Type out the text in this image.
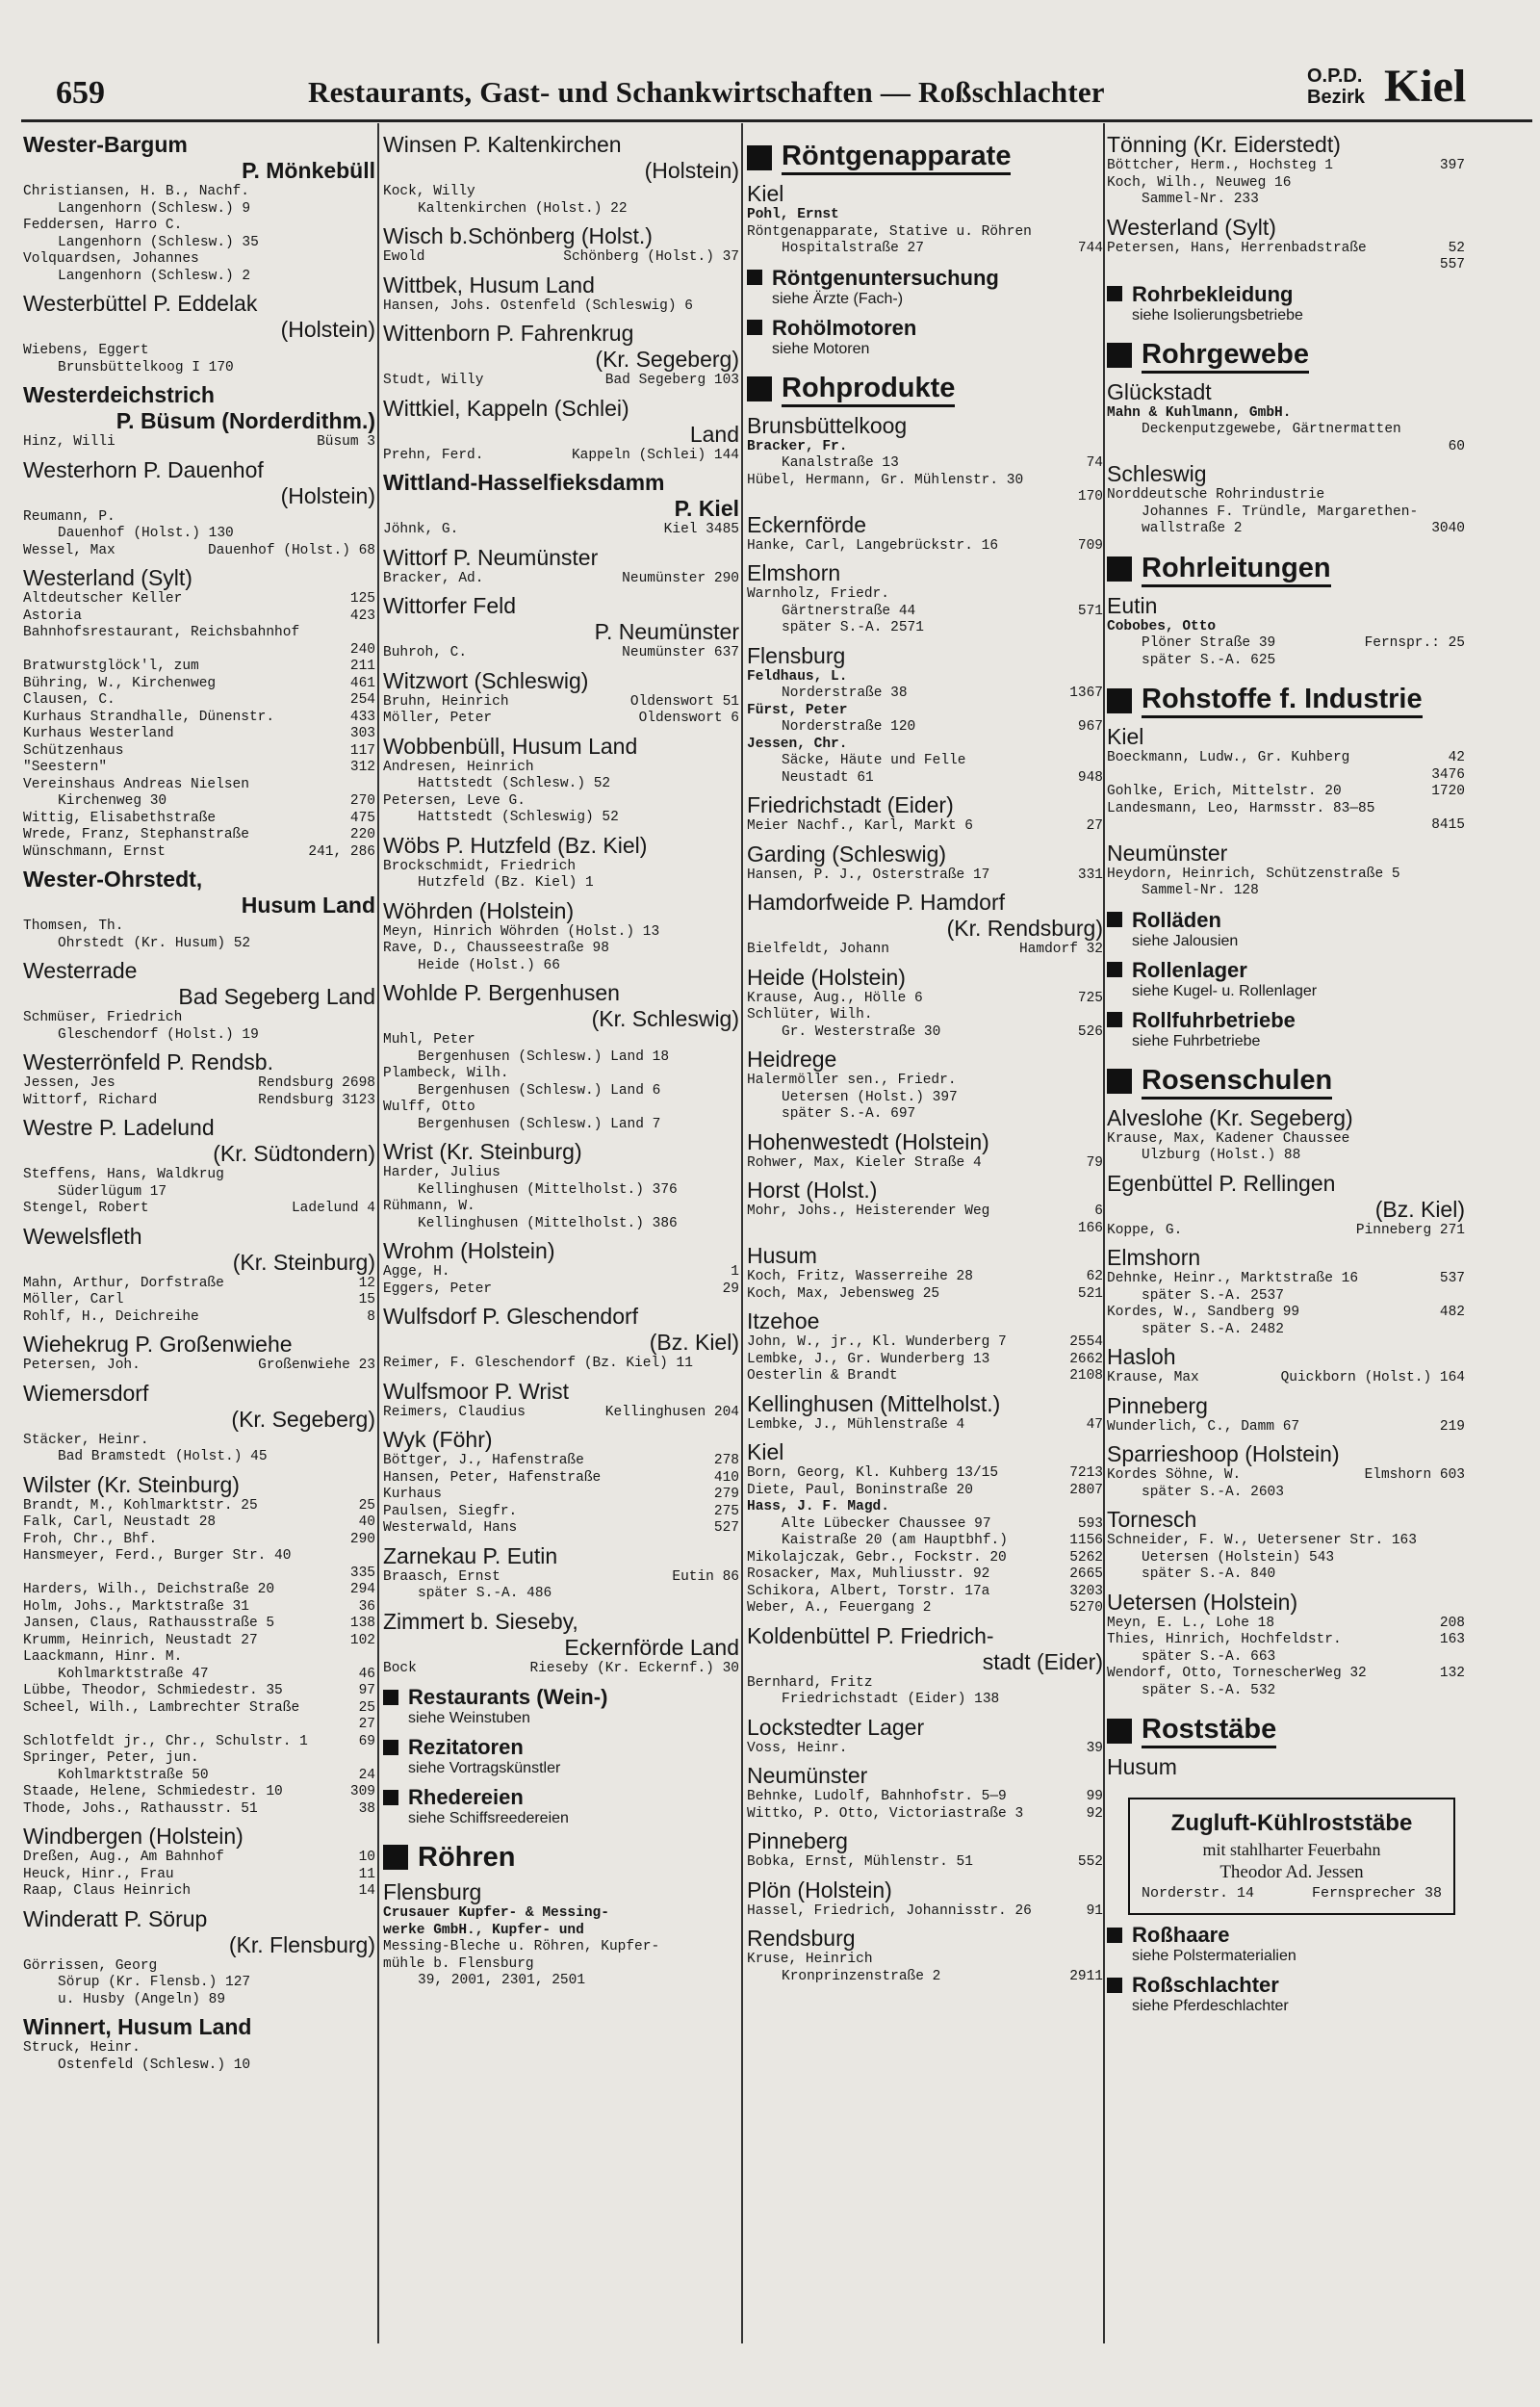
659	Restaurants, Gast- und Schankwirtschaften — Roßschlachter	O.P.D.
Bezirk Kiel
Wester-Bargum
P. Mönkebüll
Christiansen, H. B., Nachf.
Langenhorn (Schlesw.) 9
Feddersen, Harro C.
Langenhorn (Schlesw.) 35
Volquardsen, Johannes
Langenhorn (Schlesw.) 2
Westerbüttel P. Eddelak
(Holstein)
Wiebens, Eggert
Brunsbüttelkoog I 170
Westerdeichstrich
P. Büsum (Norderdithm.)
Hinz, Willi	Büsum 3
Westerhorn P. Dauenhof
(Holstein)
Reumann, P.
Dauenhof (Holst.) 130
Wessel, Max	Dauenhof (Holst.) 68
Westerland (Sylt)
Altdeutscher Keller	125
Astoria	423
Bahnhofsrestaurant, Reichsbahnhof
240
Bratwurstglöck'l, zum	211
Bühring, W., Kirchenweg	461
Clausen, C.	254
Kurhaus Strandhalle, Dünenstr.	433
Kurhaus Westerland	303
Schützenhaus	117
"Seestern"	312
Vereinshaus Andreas Nielsen
Kirchenweg 30	270
Wittig, Elisabethstraße	475
Wrede, Franz, Stephanstraße	220
Wünschmann, Ernst	241, 286
Wester-Ohrstedt,
Husum Land
Thomsen, Th.
Ohrstedt (Kr. Husum) 52
Westerrade
Bad Segeberg Land
Schmüser, Friedrich
Gleschendorf (Holst.) 19
Westerrönfeld P. Rendsb.
Jessen, Jes	Rendsburg 2698
Wittorf, Richard	Rendsburg 3123
Westre P. Ladelund
(Kr. Südtondern)
Steffens, Hans, Waldkrug
Süderlügum 17
Stengel, Robert	Ladelund 4
Wewelsfleth
(Kr. Steinburg)
Mahn, Arthur, Dorfstraße	12
Möller, Carl	15
Rohlf, H., Deichreihe	8
Wiehekrug P. Großenwiehe
Petersen, Joh.	Großenwiehe 23
Wiemersdorf
(Kr. Segeberg)
Stäcker, Heinr.
Bad Bramstedt (Holst.) 45
Wilster (Kr. Steinburg)
Brandt, M., Kohlmarktstr. 25	25
Falk, Carl, Neustadt 28	40
Froh, Chr., Bhf.	290
Hansmeyer, Ferd., Burger Str. 40
335
Harders, Wilh., Deichstraße 20	294
Holm, Johs., Marktstraße 31	36
Jansen, Claus, Rathausstraße 5	138
Krumm, Heinrich, Neustadt 27	102
Laackmann, Hinr. M.
Kohlmarktstraße 47	46
Lübbe, Theodor, Schmiedestr. 35	97
Scheel, Wilh., Lambrechter Straße	25
27
Schlotfeldt jr., Chr., Schulstr. 1	69
Springer, Peter, jun.
Kohlmarktstraße 50	24
Staade, Helene, Schmiedestr. 10	309
Thode, Johs., Rathausstr. 51	38
Windbergen (Holstein)
Dreßen, Aug., Am Bahnhof	10
Heuck, Hinr., Frau	11
Raap, Claus Heinrich	14
Winderatt P. Sörup
(Kr. Flensburg)
Görrissen, Georg
Sörup (Kr. Flensb.) 127
u. Husby (Angeln) 89
Winnert, Husum Land
Struck, Heinr.
Ostenfeld (Schlesw.) 10
Winsen P. Kaltenkirchen
(Holstein)
Kock, Willy
Kaltenkirchen (Holst.) 22
Wisch b.Schönberg (Holst.)
Ewold	Schönberg (Holst.) 37
Wittbek, Husum Land
Hansen, Johs. Ostenfeld (Schleswig) 6
Wittenborn P. Fahrenkrug
(Kr. Segeberg)
Studt, Willy	Bad Segeberg 103
Wittkiel, Kappeln (Schlei)
Land
Prehn, Ferd.	Kappeln (Schlei) 144
Wittland-Hasselfieksdamm
P. Kiel
Jöhnk, G.	Kiel 3485
Wittorf P. Neumünster
Bracker, Ad.	Neumünster 290
Wittorfer Feld
P. Neumünster
Buhroh, C.	Neumünster 637
Witzwort (Schleswig)
Bruhn, Heinrich	Oldenswort 51
Möller, Peter	Oldenswort 6
Wobbenbüll, Husum Land
Andresen, Heinrich
Hattstedt (Schlesw.) 52
Petersen, Leve G.
Hattstedt (Schleswig) 52
Wöbs P. Hutzfeld (Bz. Kiel)
Brockschmidt, Friedrich
Hutzfeld (Bz. Kiel) 1
Wöhrden (Holstein)
Meyn, Hinrich Wöhrden (Holst.) 13
Rave, D., Chausseestraße 98
Heide (Holst.) 66
Wohlde P. Bergenhusen
(Kr. Schleswig)
Muhl, Peter
Bergenhusen (Schlesw.) Land 18
Plambeck, Wilh.
Bergenhusen (Schlesw.) Land 6
Wulff, Otto
Bergenhusen (Schlesw.) Land 7
Wrist (Kr. Steinburg)
Harder, Julius
Kellinghusen (Mittelholst.) 376
Rühmann, W.
Kellinghusen (Mittelholst.) 386
Wrohm (Holstein)
Agge, H.	1
Eggers, Peter	29
Wulfsdorf P. Gleschendorf
(Bz. Kiel)
Reimer, F. Gleschendorf (Bz. Kiel) 11
Wulfsmoor P. Wrist
Reimers, Claudius	Kellinghusen 204
Wyk (Föhr)
Böttger, J., Hafenstraße	278
Hansen, Peter, Hafenstraße	410
Kurhaus	279
Paulsen, Siegfr.	275
Westerwald, Hans	527
Zarnekau P. Eutin
Braasch, Ernst	Eutin 86
später S.-A. 486
Zimmert b. Sieseby,
Eckernförde Land
Bock	Rieseby (Kr. Eckernf.) 30
Restaurants (Wein-)
siehe Weinstuben
Rezitatoren
siehe Vortragskünstler
Rhedereien
siehe Schiffsreedereien
Röhren
Flensburg
Crusauer Kupfer- & Messing-
werke GmbH., Kupfer- und
Messing-Bleche u. Röhren, Kupfer-
mühle b. Flensburg
39, 2001, 2301, 2501
Röntgenapparate
Kiel
Pohl, Ernst
Röntgenapparate, Stative u. Röhren
Hospitalstraße 27	744
Röntgenuntersuchung
siehe Ärzte (Fach-)
Rohölmotoren
siehe Motoren
Rohprodukte
Brunsbüttelkoog
Bracker, Fr.
Kanalstraße 13	74
Hübel, Hermann, Gr. Mühlenstr. 30
170
Eckernförde
Hanke, Carl, Langebrückstr. 16	709
Elmshorn
Warnholz, Friedr.
Gärtnerstraße 44	571
später S.-A. 2571
Flensburg
Feldhaus, L.
Norderstraße 38	1367
Fürst, Peter
Norderstraße 120	967
Jessen, Chr.
Säcke, Häute und Felle
Neustadt 61	948
Friedrichstadt (Eider)
Meier Nachf., Karl, Markt 6	27
Garding (Schleswig)
Hansen, P. J., Osterstraße 17	331
Hamdorfweide P. Hamdorf
(Kr. Rendsburg)
Bielfeldt, Johann	Hamdorf 32
Heide (Holstein)
Krause, Aug., Hölle 6	725
Schlüter, Wilh.
Gr. Westerstraße 30	526
Heidrege
Halermöller sen., Friedr.
Uetersen (Holst.) 397
später S.-A. 697
Hohenwestedt (Holstein)
Rohwer, Max, Kieler Straße 4	79
Horst (Holst.)
Mohr, Johs., Heisterender Weg	6
166
Husum
Koch, Fritz, Wasserreihe 28	62
Koch, Max, Jebensweg 25	521
Itzehoe
John, W., jr., Kl. Wunderberg 7	2554
Lembke, J., Gr. Wunderberg 13	2662
Oesterlin & Brandt	2108
Kellinghusen (Mittelholst.)
Lembke, J., Mühlenstraße 4	47
Kiel
Born, Georg, Kl. Kuhberg 13/15	7213
Diete, Paul, Boninstraße 20	2807
Hass, J. F. Magd.
Alte Lübecker Chaussee 97	593
Kaistraße 20 (am Hauptbhf.)	1156
Mikolajczak, Gebr., Fockstr. 20	5262
Rosacker, Max, Muhliusstr. 92	2665
Schikora, Albert, Torstr. 17a	3203
Weber, A., Feuergang 2	5270
Koldenbüttel P. Friedrich-
stadt (Eider)
Bernhard, Fritz
Friedrichstadt (Eider) 138
Lockstedter Lager
Voss, Heinr.	39
Neumünster
Behnke, Ludolf, Bahnhofstr. 5—9	99
Wittko, P. Otto, Victoriastraße 3	92
Pinneberg
Bobka, Ernst, Mühlenstr. 51	552
Plön (Holstein)
Hassel, Friedrich, Johannisstr. 26	91
Rendsburg
Kruse, Heinrich
Kronprinzenstraße 2	2911
Tönning (Kr. Eiderstedt)
Böttcher, Herm., Hochsteg 1	397
Koch, Wilh., Neuweg 16
Sammel-Nr. 233
Westerland (Sylt)
Petersen, Hans, Herrenbadstraße	52
557
Rohrbekleidung
siehe Isolierungsbetriebe
Rohrgewebe
Glückstadt
Mahn & Kuhlmann, GmbH.
Deckenputzgewebe, Gärtnermatten
60
Schleswig
Norddeutsche Rohrindustrie
Johannes F. Tründle, Margarethen-
wallstraße 2	3040
Rohrleitungen
Eutin
Cobobes, Otto
Plöner Straße 39	Fernspr.: 25
später S.-A. 625
Rohstoffe f. Industrie
Kiel
Boeckmann, Ludw., Gr. Kuhberg	42
3476
Gohlke, Erich, Mittelstr. 20	1720
Landesmann, Leo, Harmsstr. 83—85
8415
Neumünster
Heydorn, Heinrich, Schützenstraße 5
Sammel-Nr. 128
Rolläden
siehe Jalousien
Rollenlager
siehe Kugel- u. Rollenlager
Rollfuhrbetriebe
siehe Fuhrbetriebe
Rosenschulen
Alveslohe (Kr. Segeberg)
Krause, Max, Kadener Chaussee
Ulzburg (Holst.) 88
Egenbüttel P. Rellingen
(Bz. Kiel)
Koppe, G.	Pinneberg 271
Elmshorn
Dehnke, Heinr., Marktstraße 16	537
später S.-A. 2537
Kordes, W., Sandberg 99	482
später S.-A. 2482
Hasloh
Krause, Max	Quickborn (Holst.) 164
Pinneberg
Wunderlich, C., Damm 67	219
Sparrieshoop (Holstein)
Kordes Söhne, W.	Elmshorn 603
später S.-A. 2603
Tornesch
Schneider, F. W., Uetersener Str. 163
Uetersen (Holstein) 543
später S.-A. 840
Uetersen (Holstein)
Meyn, E. L., Lohe 18	208
Thies, Hinrich, Hochfeldstr.	163
später S.-A. 663
Wendorf, Otto, TornescherWeg 32	132
später S.-A. 532
Roststäbe
Husum
Zugluft-Kühlroststäbe
mit stahlharter Feuerbahn
Theodor Ad. Jessen
Norderstr. 14	Fernsprecher 38
Roßhaare
siehe Polstermaterialien
Roßschlachter
siehe Pferdeschlachter
